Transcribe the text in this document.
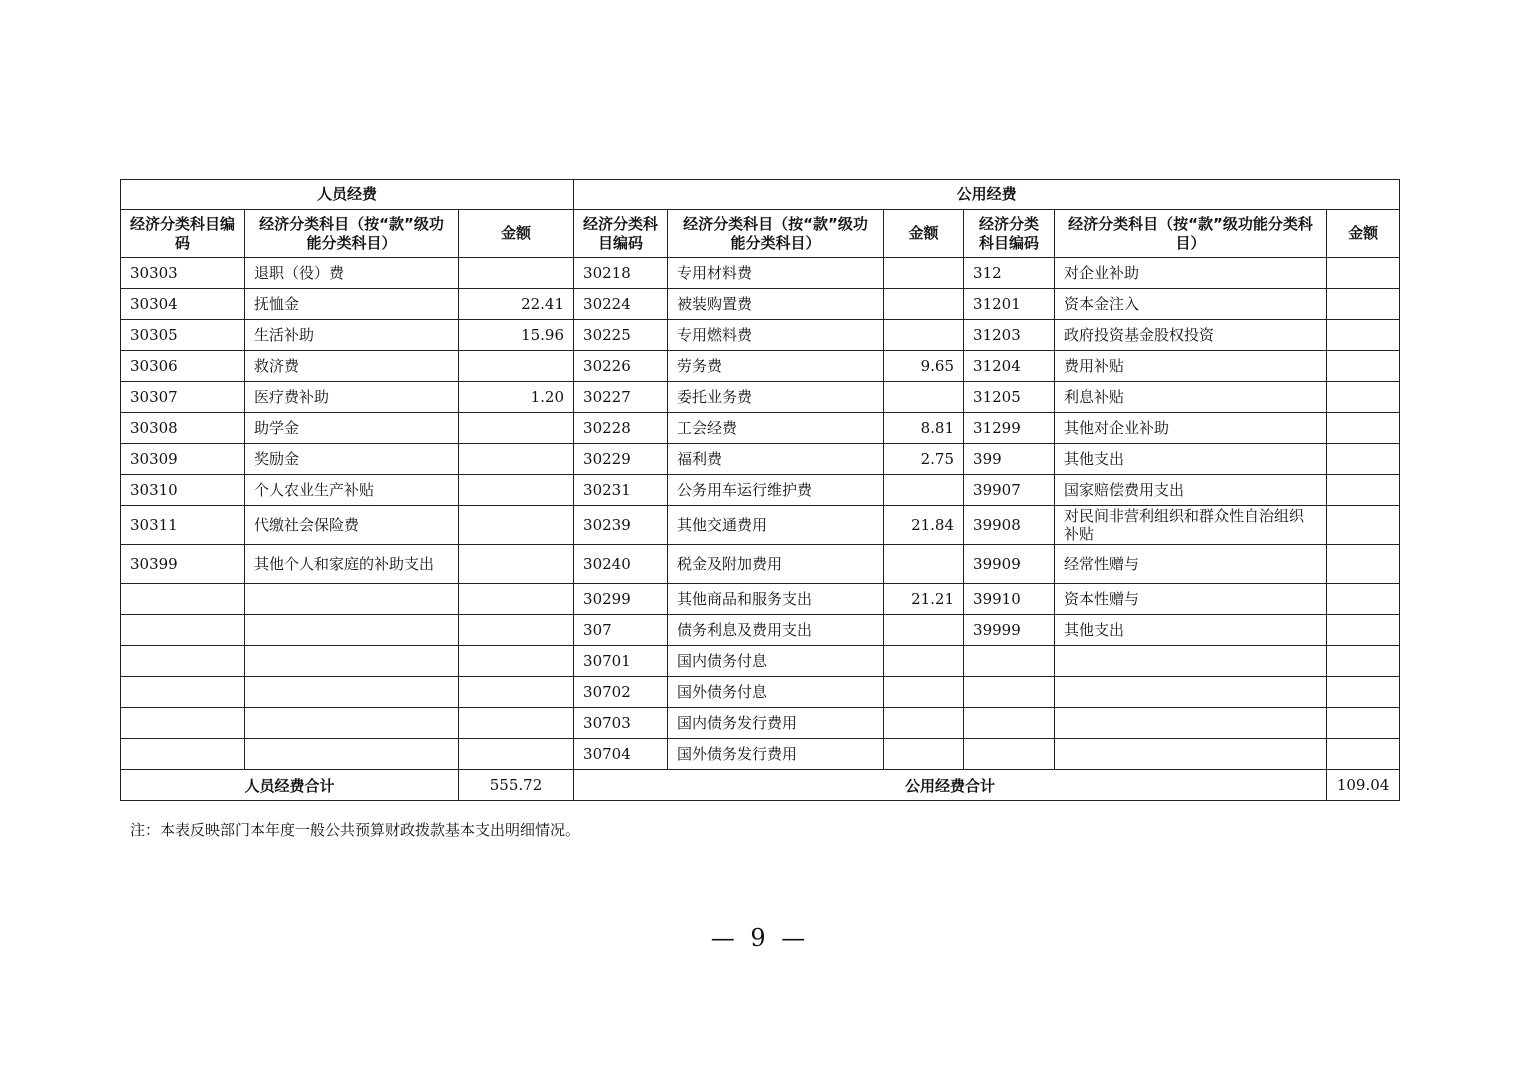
人员经费			公用经费					
经济分类科目编码	经济分类科目（按“款”级功能分类科目）	金额	经济分类科目编码	经济分类科目（按“款”级功能分类科目）	金额	经济分类科目编码	经济分类科目（按“款”级功能分类科目）	金额
30303	退职（役）费		30218	专用材料费		312	对企业补助	
30304	抚恤金	22.41	30224	被装购置费		31201	资本金注入	
30305	生活补助	15.96	30225	专用燃料费		31203	政府投资基金股权投资	
30306	救济费		30226	劳务费	9.65	31204	费用补贴	
30307	医疗费补助	1.20	30227	委托业务费		31205	利息补贴	
30308	助学金		30228	工会经费	8.81	31299	其他对企业补助	
30309	奖励金		30229	福利费	2.75	399	其他支出	
30310	个人农业生产补贴		30231	公务用车运行维护费		39907	国家赔偿费用支出	
30311	代缴社会保险费		30239	其他交通费用	21.84	39908	对民间非营利组织和群众性自治组织补贴	
30399	其他个人和家庭的补助支出		30240	税金及附加费用		39909	经常性赠与	
			30299	其他商品和服务支出	21.21	39910	资本性赠与	
			307	债务利息及费用支出		39999	其他支出	
			30701	国内债务付息				
			30702	国外债务付息				
			30703	国内债务发行费用				
			30704	国外债务发行费用				
人员经费合计		555.72	公用经费合计					109.04
注：本表反映部门本年度一般公共预算财政拨款基本支出明细情况。
— 9 —
